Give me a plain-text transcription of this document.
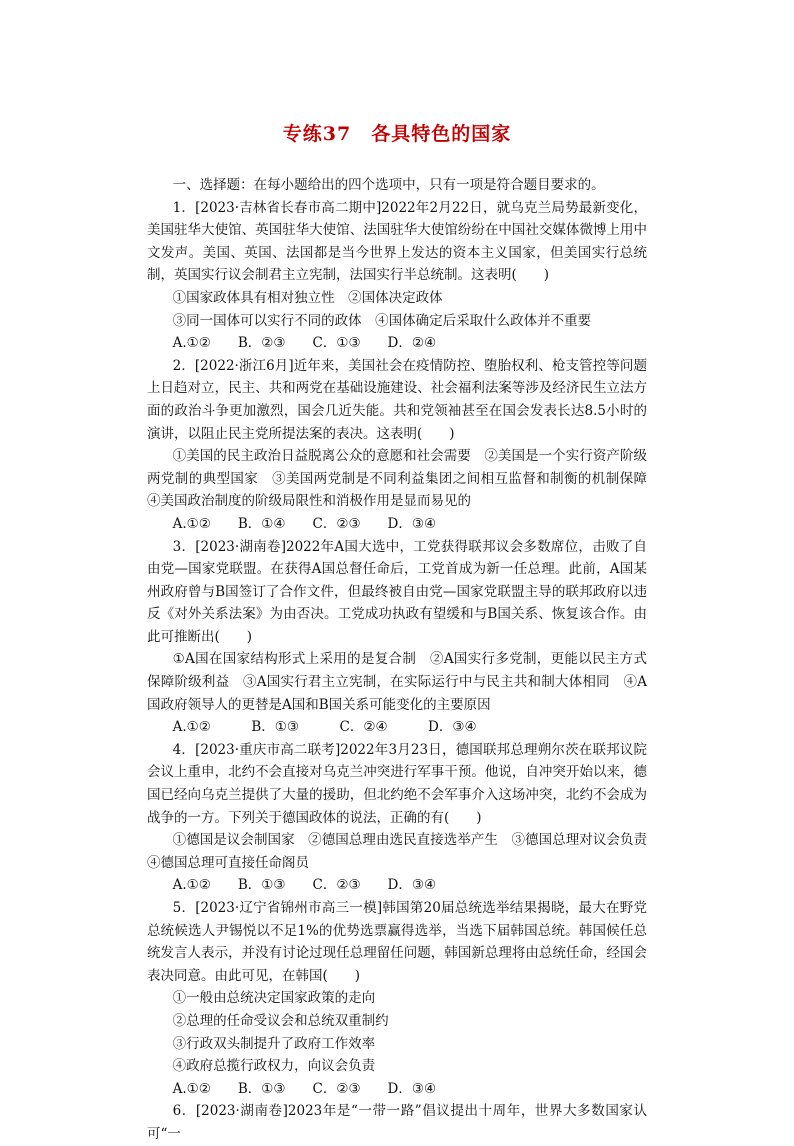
专练37　各具特色的国家

一、选择题：在每小题给出的四个选项中，只有一项是符合题目要求的。

1．[2023·吉林省长春市高二期中]2022年2月22日，就乌克兰局势最新变化，美国驻华大使馆、英国驻华大使馆、法国驻华大使馆纷纷在中国社交媒体微博上用中文发声。美国、英国、法国都是当今世界上发达的资本主义国家，但美国实行总统制，英国实行议会制君主立宪制，法国实行半总统制。这表明(　　)

①国家政体具有相对独立性　②国体决定政体

③同一国体可以实行不同的政体　④国体确定后采取什么政体并不重要

A.①②　　B．②③　　C．①③　　D．②④

2．[2022·浙江6月]近年来，美国社会在疫情防控、堕胎权利、枪支管控等问题上日趋对立，民主、共和两党在基础设施建设、社会福利法案等涉及经济民生立法方面的政治斗争更加激烈，国会几近失能。共和党领袖甚至在国会发表长达8.5小时的演讲，以阻止民主党所提法案的表决。这表明(　　)

①美国的民主政治日益脱离公众的意愿和社会需要　②美国是一个实行资产阶级两党制的典型国家　③美国两党制是不同利益集团之间相互监督和制衡的机制保障　④美国政治制度的阶级局限性和消极作用是显而易见的

A.①②　　B．①④　　C．②③　　D．③④

3．[2023·湖南卷]2022年A国大选中，工党获得联邦议会多数席位，击败了自由党—国家党联盟。在获得A国总督任命后，工党首成为新一任总理。此前，A国某州政府曾与B国签订了合作文件，但最终被自由党—国家党联盟主导的联邦政府以违反《对外关系法案》为由否决。工党成功执政有望缓和与B国关系、恢复该合作。由此可推断出(　　)

①A国在国家结构形式上采用的是复合制　②A国实行多党制，更能以民主方式保障阶级利益　③A国实行君主立宪制，在实际运行中与民主共和制大体相同　④A国政府领导人的更替是A国和B国关系可能变化的主要原因

A.①②　　　B．①③　　　C．②④　　　D．③④

4．[2023·重庆市高二联考]2022年3月23日，德国联邦总理朔尔茨在联邦议院会议上重申，北约不会直接对乌克兰冲突进行军事干预。他说，自冲突开始以来，德国已经向乌克兰提供了大量的援助，但北约绝不会军事介入这场冲突，北约不会成为战争的一方。下列关于德国政体的说法，正确的有(　　)

①德国是议会制国家　②德国总理由选民直接选举产生　③德国总理对议会负责　④德国总理可直接任命阁员

A.①②　　B．①③　　C．②③　　D．③④

5．[2023·辽宁省锦州市高三一模]韩国第20届总统选举结果揭晓，最大在野党总统候选人尹锡悦以不足1%的优势选票赢得选举，当选下届韩国总统。韩国候任总统发言人表示，并没有讨论过现任总理留任问题，韩国新总理将由总统任命，经国会表决同意。由此可见，在韩国(　　)

①一般由总统决定国家政策的走向

②总理的任命受议会和总统双重制约

③行政双头制提升了政府工作效率

④政府总揽行政权力，向议会负责

A.①②　　B．①③　　C．②③　　D．③④

6．[2023·湖南卷]2023年是“一带一路”倡议提出十周年，世界大多数国家认可“一
